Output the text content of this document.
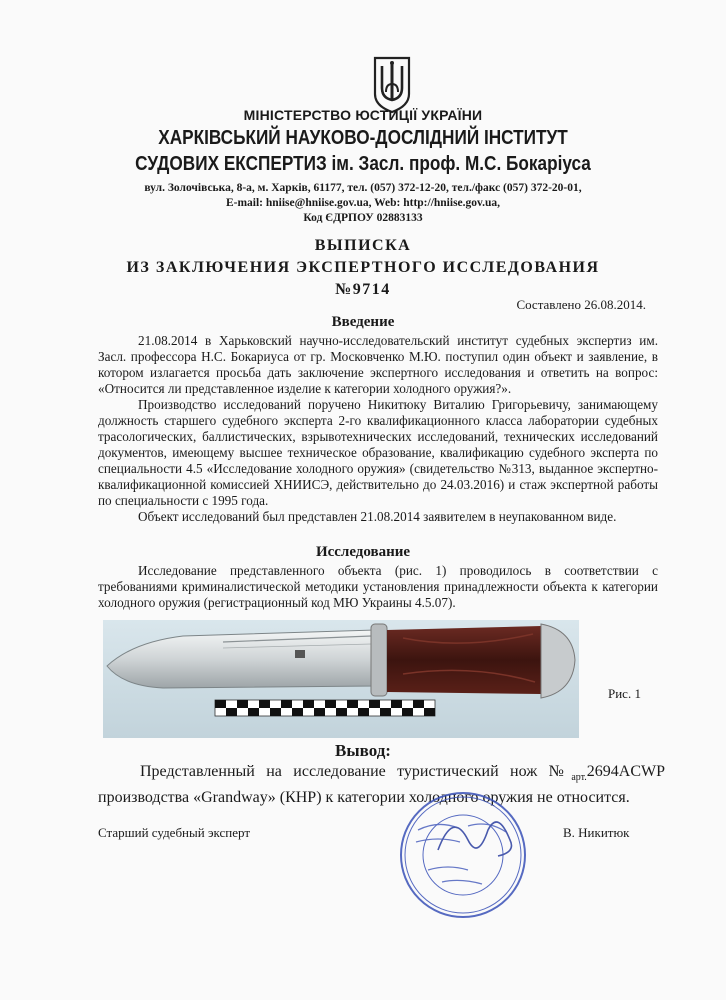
МІНІСТЕРСТВО ЮСТИЦІЇ УКРАЇНИ
ХАРКІВСЬКИЙ НАУКОВО-ДОСЛІДНИЙ ІНСТИТУТ
СУДОВИХ ЕКСПЕРТИЗ ім. Засл. проф. М.С. Бокаріуса
вул. Золочівська, 8-а, м. Харків, 61177, тел. (057) 372-12-20, тел./факс (057) 372-20-01,
E-mail: hniise@hniise.gov.ua, Web: http://hniise.gov.ua,
Код ЄДРПОУ 02883133
ВЫПИСКА
ИЗ ЗАКЛЮЧЕНИЯ ЭКСПЕРТНОГО ИССЛЕДОВАНИЯ
№9714
Составлено 26.08.2014.
Введение

21.08.2014 в Харьковский научно-исследовательский институт судебных экспертиз им. Засл. профессора Н.С. Бокариуса от гр. Московченко М.Ю. поступил один объект и заявление, в котором излагается просьба дать заключение экспертного исследования и ответить на вопрос: «Относится ли представленное изделие к категории холодного оружия?».

Производство исследований поручено Никитюку Виталию Григорьевичу, занимающему должность старшего судебного эксперта 2-го квалификационного класса лаборатории судебных трасологических, баллистических, взрывотехнических исследований, технических исследований документов, имеющему высшее техническое образование, квалификацию судебного эксперта по специальности 4.5 «Исследование холодного оружия» (свидетельство №313, выданное экспертно-квалификационной комиссией ХНИИСЭ, действительно до 24.03.2016) и стаж экспертной работы по специальности с 1995 года.

Объект исследований был представлен 21.08.2014 заявителем в неупакованном виде.

Исследование

Исследование представленного объекта (рис. 1) проводилось в соответствии с требованиями криминалистической методики установления принадлежности объекта к категории холодного оружия (регистрационный код МЮ Украины 4.5.07).

Рис. 1
Вывод:

Представленный на исследование туристический нож $№_{арт.}2694ACWP$ производства «Grandway» (КНР) к категории холодного оружия не относится.

Старший судебный эксперт	В. Никитюк
